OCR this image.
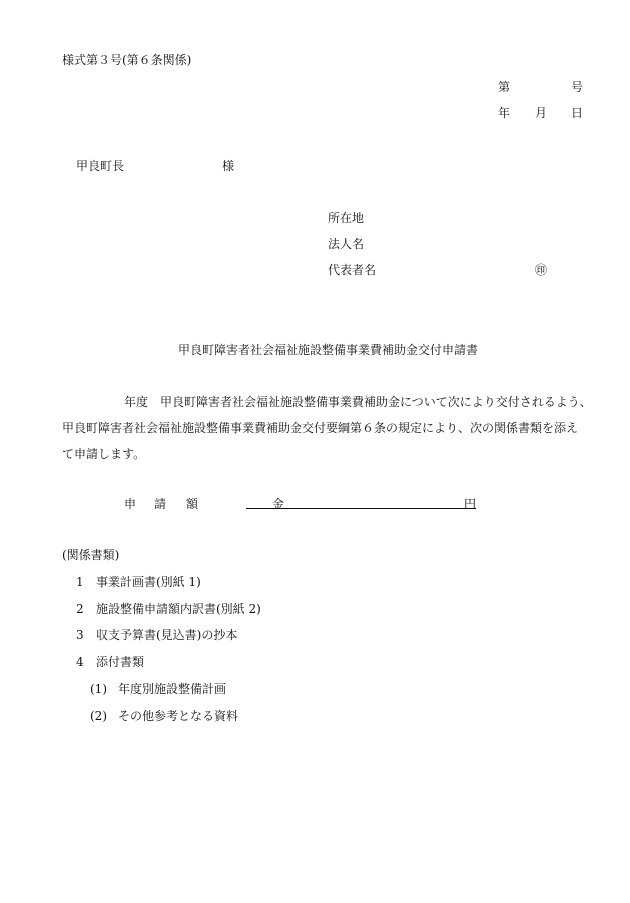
様式第３号(第６条関係)
第	号
年 月 日
甲良町長	様
所在地
法人名
代表者名	㊞
甲良町障害者社会福祉施設整備事業費補助金交付申請書
年度　甲良町障害者社会福祉施設整備事業費補助金について次により交付されるよう、
甲良町障害者社会福祉施設整備事業費補助金交付要綱第６条の規定により、次の関係書類を添え
て申請します。
申 請 額	金	円
(関係書類)
1 事業計画書(別紙 1)
2 施設整備申請額内訳書(別紙 2)
3 収支予算書(見込書)の抄本
4 添付書類
(1) 年度別施設整備計画
(2) その他参考となる資料
